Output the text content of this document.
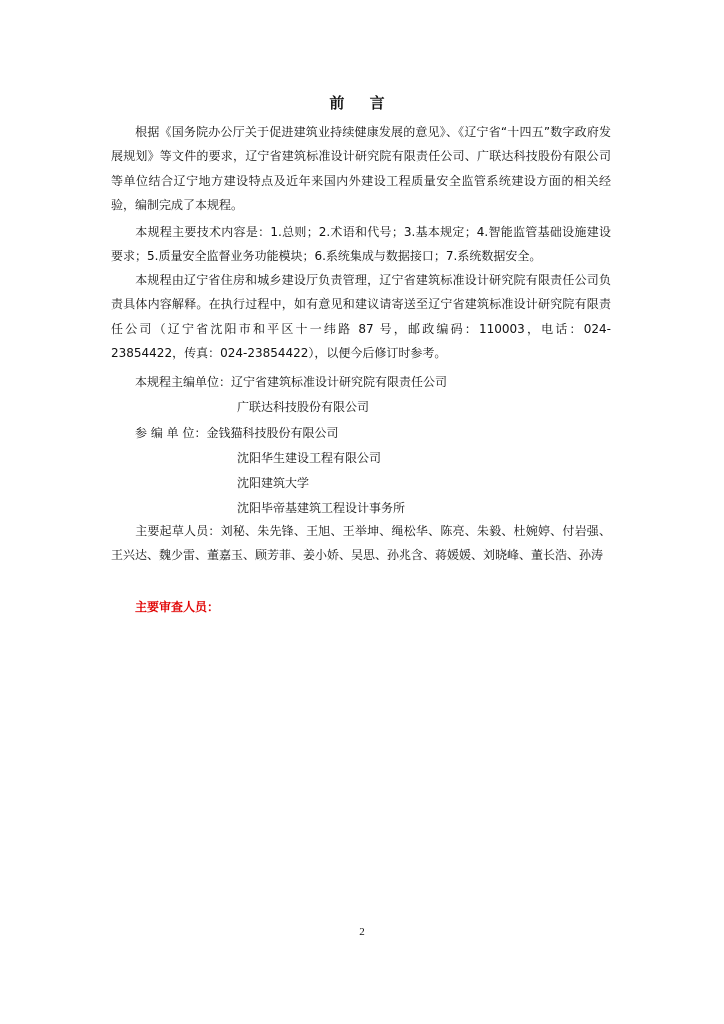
前 言

根据《国务院办公厅关于促进建筑业持续健康发展的意见》、《辽宁省“十四五”数字政府发展规划》等文件的要求，辽宁省建筑标准设计研究院有限责任公司、广联达科技股份有限公司等单位结合辽宁地方建设特点及近年来国内外建设工程质量安全监管系统建设方面的相关经验，编制完成了本规程。

本规程主要技术内容是：1.总则；2.术语和代号；3.基本规定；4.智能监管基础设施建设要求；5.质量安全监督业务功能模块；6.系统集成与数据接口；7.系统数据安全。

本规程由辽宁省住房和城乡建设厅负责管理，辽宁省建筑标准设计研究院有限责任公司负责具体内容解释。在执行过程中，如有意见和建议请寄送至辽宁省建筑标准设计研究院有限责任公司（辽宁省沈阳市和平区十一纬路 87 号，邮政编码：110003，电话：024-23854422，传真：024-23854422），以便今后修订时参考。

本规程主编单位：辽宁省建筑标准设计研究院有限责任公司
广联达科技股份有限公司
参 编 单 位：金钱猫科技股份有限公司
沈阳华生建设工程有限公司
沈阳建筑大学
沈阳毕帝基建筑工程设计事务所

主要起草人员：刘秘、朱先锋、王旭、王举坤、绳松华、陈亮、朱毅、杜婉婷、付岩强、王兴达、魏少雷、董嘉玉、顾芳菲、姜小娇、吴思、孙兆含、蒋媛媛、刘晓峰、董长浩、孙涛

主要审查人员：
2
